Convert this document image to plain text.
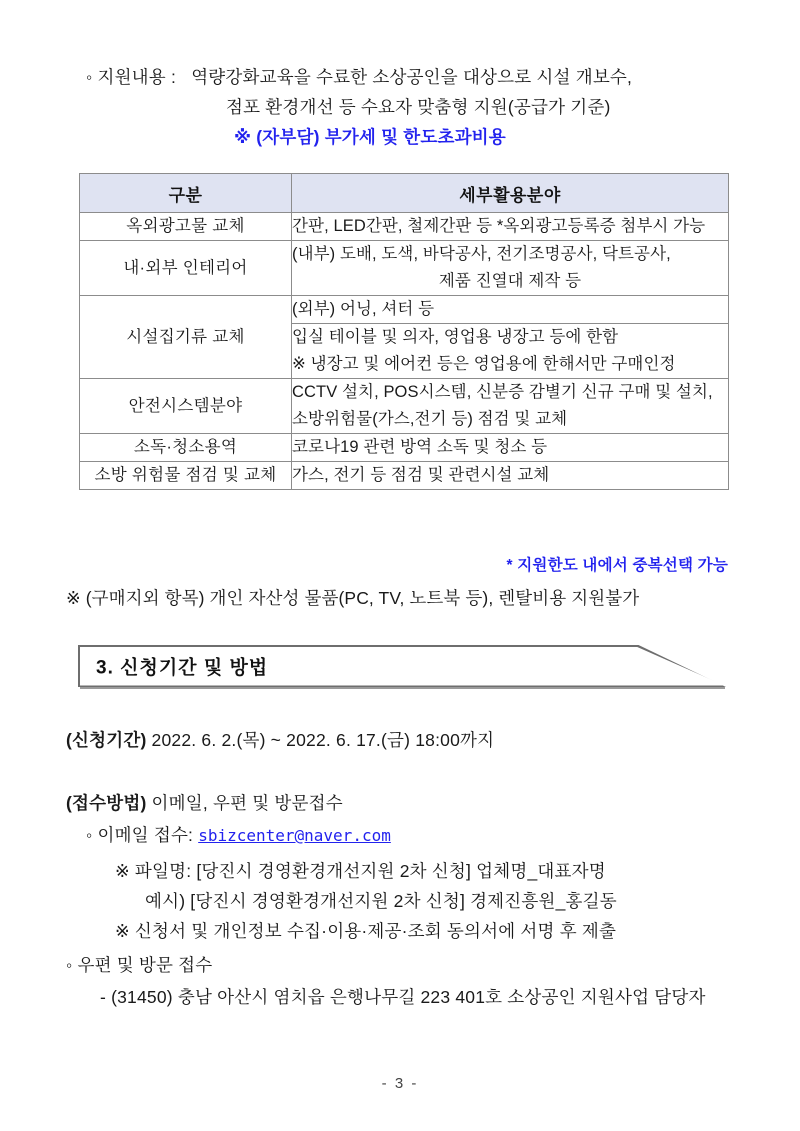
◦ 지원내용 :   역량강화교육을 수료한 소상공인을 대상으로 시설 개보수,
점포 환경개선 등 수요자 맞춤형 지원(공급가 기준)
※ (자부담) 부가세 및 한도초과비용
구분	세부활용분야
옥외광고물 교체	간판, LED간판, 철제간판 등 *옥외광고등록증 첨부시 가능

내·외부 인테리어	(내부) 도배, 도색, 바닥공사, 전기조명공사, 닥트공사,
제품 진열대 제작 등

시설집기류 교체	(외부) 어닝, 셔터 등

	입실 테이블 및 의자, 영업용 냉장고 등에 한함
※ 냉장고 및 에어컨 등은 영업용에 한해서만 구매인정

안전시스템분야	CCTV 설치, POS시스템, 신분증 감별기 신규 구매 및 설치,
소방위험물(가스,전기 등) 점검 및 교체

소독·청소용역	코로나19 관련 방역 소독 및 청소 등

소방 위험물 점검 및 교체	가스, 전기 등 점검 및 관련시설 교체
* 지원한도 내에서 중복선택 가능
※ (구매지외 항목) 개인 자산성 물품(PC, TV, 노트북 등), 렌탈비용 지원불가
3. 신청기간 및 방법
(신청기간) 2022. 6. 2.(목) ~ 2022. 6. 17.(금) 18:00까지
(접수방법) 이메일, 우편 및 방문접수
◦ 이메일 접수: sbizcenter@naver.com
※ 파일명: [당진시 경영환경개선지원 2차 신청] 업체명_대표자명
예시) [당진시 경영환경개선지원 2차 신청] 경제진흥원_홍길동
※ 신청서 및 개인정보 수집·이용·제공·조회 동의서에 서명 후 제출
◦ 우편 및 방문 접수
- (31450) 충남 아산시 염치읍 은행나무길 223 401호 소상공인 지원사업 담당자
- 3 -
